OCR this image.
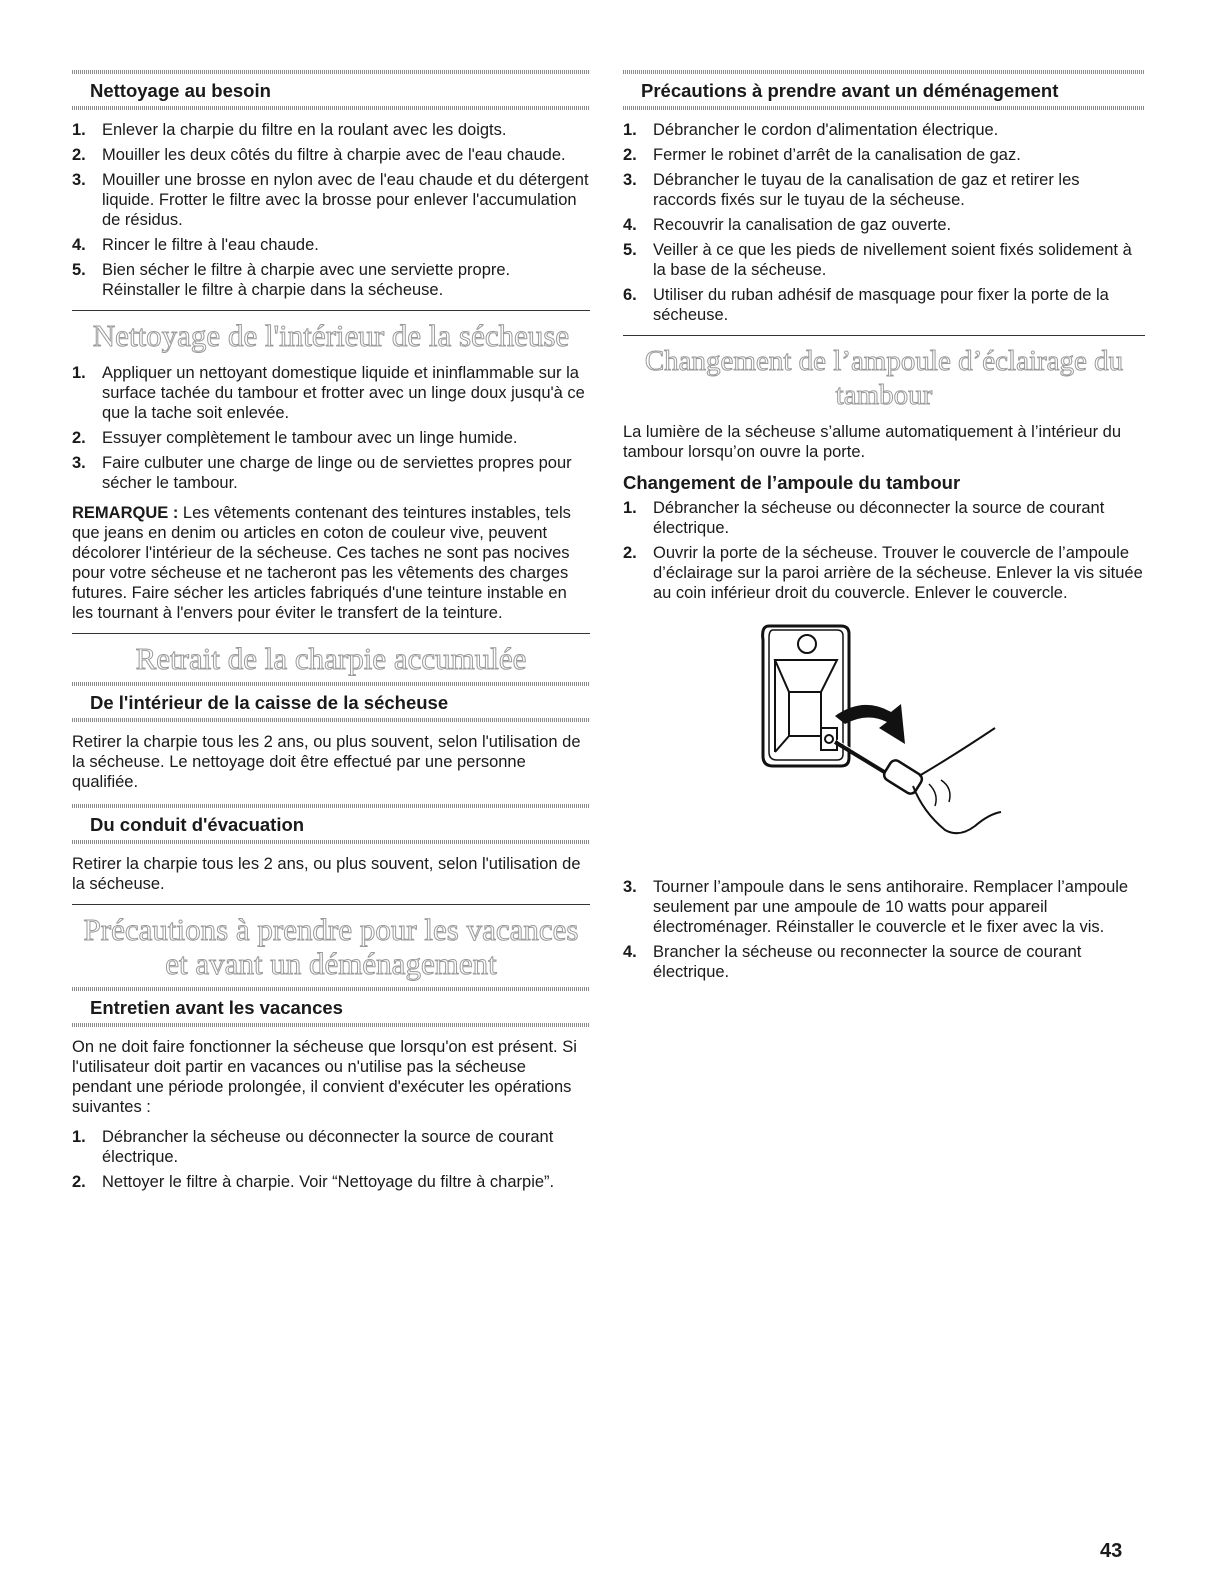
Nettoyage au besoin
1. Enlever la charpie du filtre en la roulant avec les doigts.
2. Mouiller les deux côtés du filtre à charpie avec de l'eau chaude.
3. Mouiller une brosse en nylon avec de l'eau chaude et du détergent liquide. Frotter le filtre avec la brosse pour enlever l'accumulation de résidus.
4. Rincer le filtre à l'eau chaude.
5. Bien sécher le filtre à charpie avec une serviette propre. Réinstaller le filtre à charpie dans la sécheuse.
Nettoyage de l'intérieur de la sécheuse
1. Appliquer un nettoyant domestique liquide et ininflammable sur la surface tachée du tambour et frotter avec un linge doux jusqu'à ce que la tache soit enlevée.
2. Essuyer complètement le tambour avec un linge humide.
3. Faire culbuter une charge de linge ou de serviettes propres pour sécher le tambour.

REMARQUE : Les vêtements contenant des teintures instables, tels que jeans en denim ou articles en coton de couleur vive, peuvent décolorer l'intérieur de la sécheuse. Ces taches ne sont pas nocives pour votre sécheuse et ne tacheront pas les vêtements des charges futures. Faire sécher les articles fabriqués d'une teinture instable en les tournant à l'envers pour éviter le transfert de la teinture.

Retrait de la charpie accumulée
De l'intérieur de la caisse de la sécheuse

Retirer la charpie tous les 2 ans, ou plus souvent, selon l'utilisation de la sécheuse. Le nettoyage doit être effectué par une personne qualifiée.

Du conduit d'évacuation

Retirer la charpie tous les 2 ans, ou plus souvent, selon l'utilisation de la sécheuse.

Précautions à prendre pour les vacances et avant un déménagement
Entretien avant les vacances

On ne doit faire fonctionner la sécheuse que lorsqu'on est présent. Si l'utilisateur doit partir en vacances ou n'utilise pas la sécheuse pendant une période prolongée, il convient d'exécuter les opérations suivantes :

1. Débrancher la sécheuse ou déconnecter la source de courant électrique.
2. Nettoyer le filtre à charpie. Voir “Nettoyage du filtre à charpie”.
Précautions à prendre avant un déménagement
1. Débrancher le cordon d'alimentation électrique.
2. Fermer le robinet d’arrêt de la canalisation de gaz.
3. Débrancher le tuyau de la canalisation de gaz et retirer les raccords fixés sur le tuyau de la sécheuse.
4. Recouvrir la canalisation de gaz ouverte.
5. Veiller à ce que les pieds de nivellement soient fixés solidement à la base de la sécheuse.
6. Utiliser du ruban adhésif de masquage pour fixer la porte de la sécheuse.
Changement de l’ampoule d’éclairage du tambour

La lumière de la sécheuse s’allume automatiquement à l’intérieur du tambour lorsqu’on ouvre la porte.

Changement de l’ampoule du tambour
1. Débrancher la sécheuse ou déconnecter la source de courant électrique.
2. Ouvrir la porte de la sécheuse. Trouver le couvercle de l’ampoule d’éclairage sur la paroi arrière de la sécheuse. Enlever la vis située au coin inférieur droit du couvercle. Enlever le couvercle.
3. Tourner l’ampoule dans le sens antihoraire. Remplacer l’ampoule seulement par une ampoule de 10 watts pour appareil électroménager. Réinstaller le couvercle et le fixer avec la vis.
4. Brancher la sécheuse ou reconnecter la source de courant électrique.
43
